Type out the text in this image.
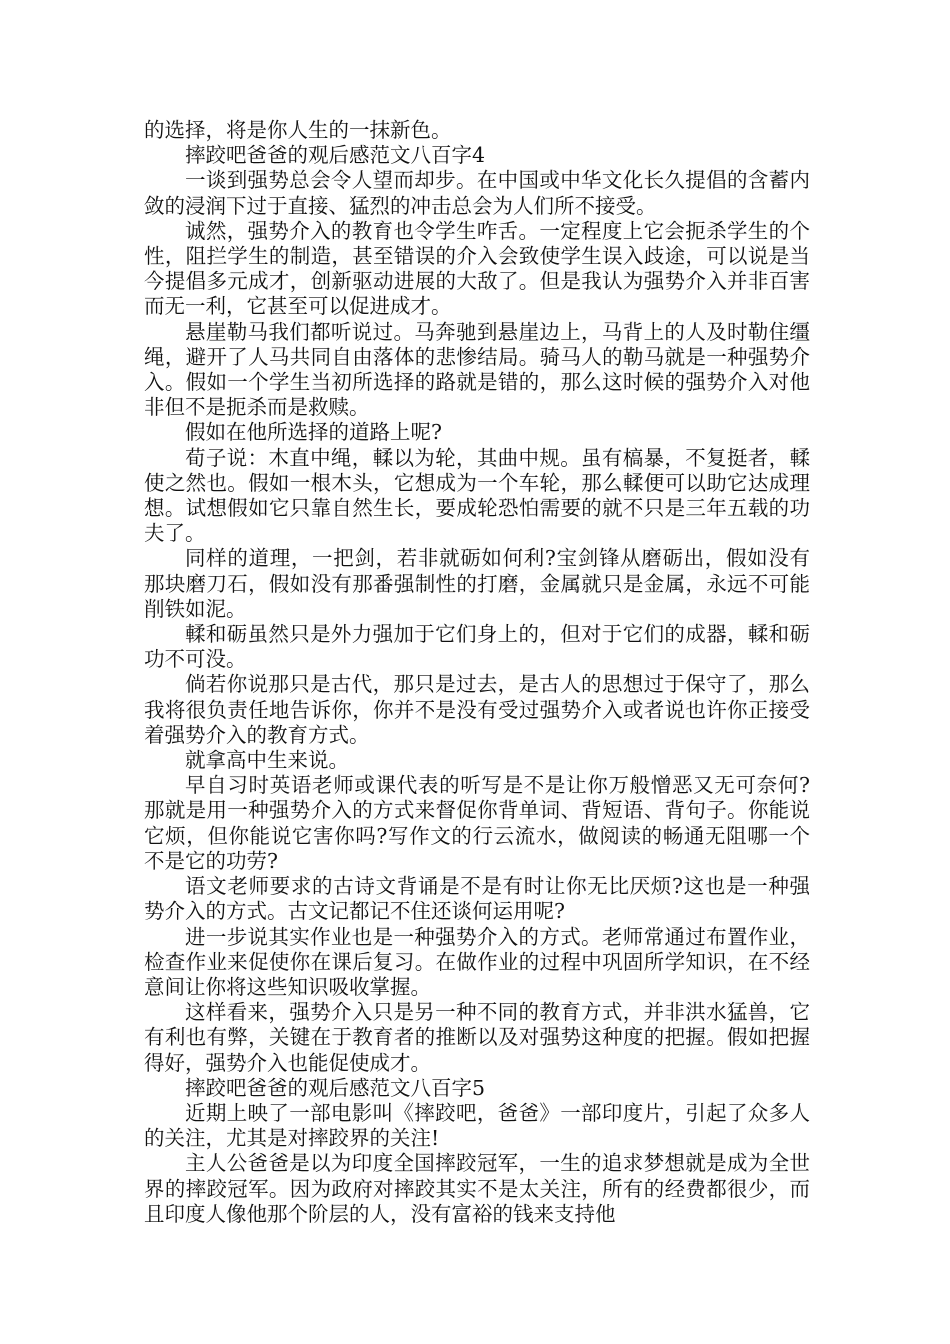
的选择，将是你人生的一抹新色。

摔跤吧爸爸的观后感范文八百字4

一谈到强势总会令人望而却步。在中国或中华文化长久提倡的含蓄内敛的浸润下过于直接、猛烈的冲击总会为人们所不接受。

诚然，强势介入的教育也令学生咋舌。一定程度上它会扼杀学生的个性，阻拦学生的制造，甚至错误的介入会致使学生误入歧途，可以说是当今提倡多元成才，创新驱动进展的大敌了。但是我认为强势介入并非百害而无一利，它甚至可以促进成才。

悬崖勒马我们都听说过。马奔驰到悬崖边上，马背上的人及时勒住缰绳，避开了人马共同自由落体的悲惨结局。骑马人的勒马就是一种强势介入。假如一个学生当初所选择的路就是错的，那么这时候的强势介入对他非但不是扼杀而是救赎。

假如在他所选择的道路上呢?

荀子说：木直中绳，輮以为轮，其曲中规。虽有槁暴，不复挺者，輮使之然也。假如一根木头，它想成为一个车轮，那么輮便可以助它达成理想。试想假如它只靠自然生长，要成轮恐怕需要的就不只是三年五载的功夫了。

同样的道理，一把剑，若非就砺如何利?宝剑锋从磨砺出，假如没有那块磨刀石，假如没有那番强制性的打磨，金属就只是金属，永远不可能削铁如泥。

輮和砺虽然只是外力强加于它们身上的，但对于它们的成器，輮和砺功不可没。

倘若你说那只是古代，那只是过去，是古人的思想过于保守了，那么我将很负责任地告诉你，你并不是没有受过强势介入或者说也许你正接受着强势介入的教育方式。

就拿高中生来说。

早自习时英语老师或课代表的听写是不是让你万般憎恶又无可奈何?那就是用一种强势介入的方式来督促你背单词、背短语、背句子。你能说它烦，但你能说它害你吗?写作文的行云流水，做阅读的畅通无阻哪一个不是它的功劳?

语文老师要求的古诗文背诵是不是有时让你无比厌烦?这也是一种强势介入的方式。古文记都记不住还谈何运用呢?

进一步说其实作业也是一种强势介入的方式。老师常通过布置作业，检查作业来促使你在课后复习。在做作业的过程中巩固所学知识，在不经意间让你将这些知识吸收掌握。

这样看来，强势介入只是另一种不同的教育方式，并非洪水猛兽，它有利也有弊，关键在于教育者的推断以及对强势这种度的把握。假如把握得好，强势介入也能促使成才。

摔跤吧爸爸的观后感范文八百字5

近期上映了一部电影叫《摔跤吧，爸爸》一部印度片，引起了众多人的关注，尤其是对摔跤界的关注!

主人公爸爸是以为印度全国摔跤冠军，一生的追求梦想就是成为全世界的摔跤冠军。因为政府对摔跤其实不是太关注，所有的经费都很少，而且印度人像他那个阶层的人，没有富裕的钱来支持他
